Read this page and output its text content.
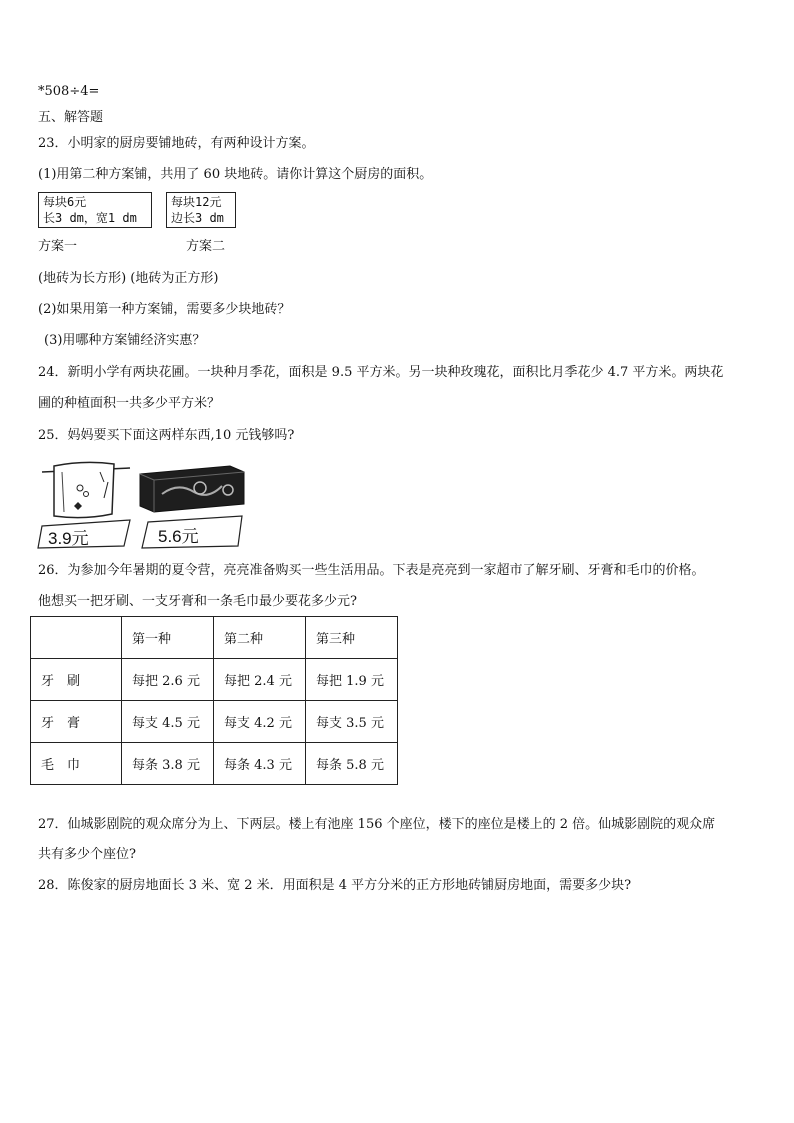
*508÷4=
五、解答题
23．小明家的厨房要铺地砖，有两种设计方案。
(1)用第二种方案铺，共用了 60 块地砖。请你计算这个厨房的面积。
每块6元
长3 dm，宽1 dm
每块12元
边长3 dm
方案一	方案二
(地砖为长方形) (地砖为正方形)
(2)如果用第一种方案铺，需要多少块地砖？
(3)用哪种方案铺经济实惠？
24．新明小学有两块花圃。一块种月季花，面积是 9.5 平方米。另一块种玫瑰花，面积比月季花少 4.7 平方米。两块花
圃的种植面积一共多少平方米？
25．妈妈要买下面这两样东西,10 元钱够吗?
3.9元	5.6元
26．为参加今年暑期的夏令营，亮亮准备购买一些生活用品。下表是亮亮到一家超市了解牙刷、牙膏和毛巾的价格。
他想买一把牙刷、一支牙膏和一条毛巾最少要花多少元?
	第一种	第二种	第三种
牙刷	每把 2.6 元	每把 2.4 元	每把 1.9 元
牙膏	每支 4.5 元	每支 4.2 元	每支 3.5 元
毛巾	每条 3.8 元	每条 4.3 元	每条 5.8 元
27．仙城影剧院的观众席分为上、下两层。楼上有池座 156 个座位，楼下的座位是楼上的 2 倍。仙城影剧院的观众席
共有多少个座位?
28．陈俊家的厨房地面长 3 米、宽 2 米．用面积是 4 平方分米的正方形地砖铺厨房地面，需要多少块?
